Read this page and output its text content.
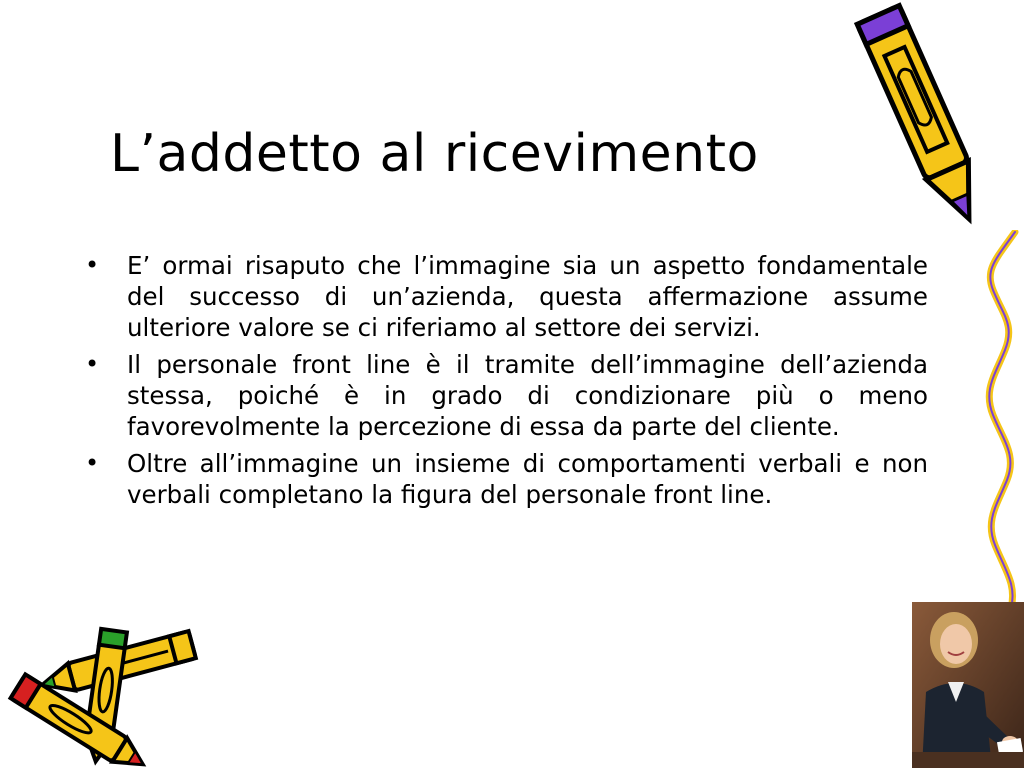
L’addetto al ricevimento
• E’ ormai risaputo che l’immagine sia un aspetto fondamentale del successo di un’azienda, questa affermazione assume ulteriore valore se ci riferiamo al settore dei servizi.
• Il personale front line è il tramite dell’immagine dell’azienda stessa, poiché è in grado di condizionare più o meno favorevolmente la percezione di essa da parte del cliente.
• Oltre all’immagine un insieme di comportamenti verbali e non verbali completano la figura del personale front line.
